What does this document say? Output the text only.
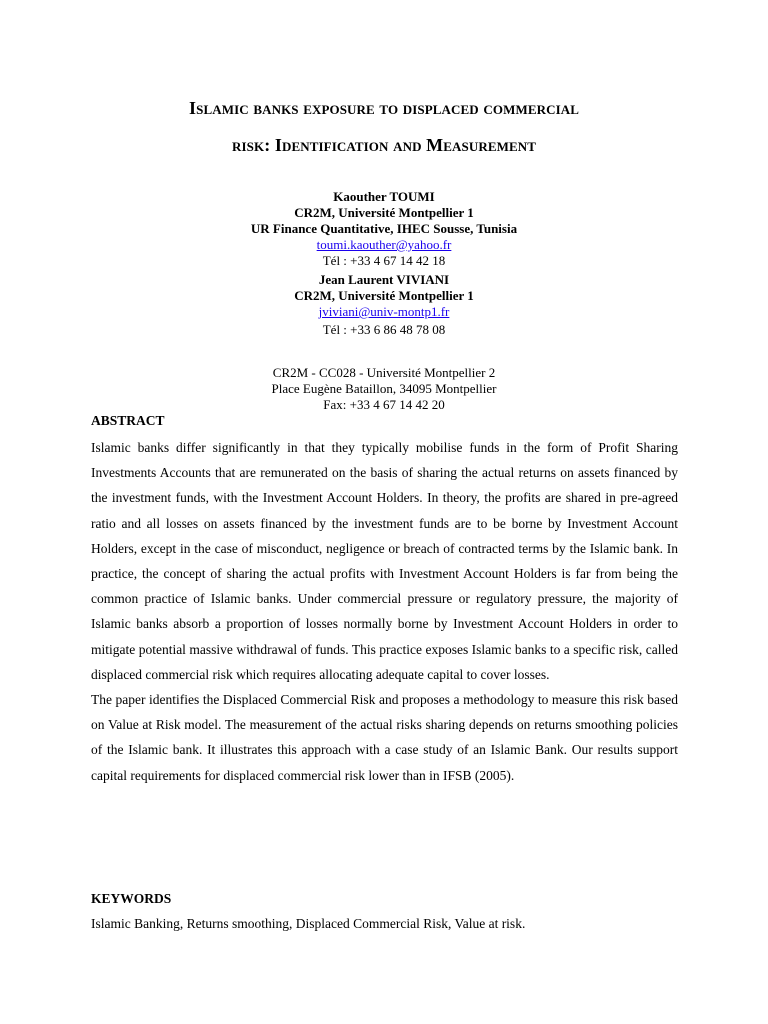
Islamic banks exposure to displaced commercial
risk: Identification and Measurement
Kaouther TOUMI
CR2M, Université Montpellier 1
UR Finance Quantitative, IHEC Sousse, Tunisia
toumi.kaouther@yahoo.fr
Tél : +33 4 67 14 42 18
Jean Laurent VIVIANI
CR2M, Université Montpellier 1
jviviani@univ-montp1.fr
Tél : +33 6 86 48 78 08
CR2M - CC028 - Université Montpellier 2
Place Eugène Bataillon, 34095 Montpellier
Fax: +33 4 67 14 42 20
ABSTRACT

Islamic banks differ significantly in that they typically mobilise funds in the form of Profit Sharing Investments Accounts that are remunerated on the basis of sharing the actual returns on assets financed by the investment funds, with the Investment Account Holders. In theory, the profits are shared in pre-agreed ratio and all losses on assets financed by the investment funds are to be borne by Investment Account Holders, except in the case of misconduct, negligence or breach of contracted terms by the Islamic bank. In practice, the concept of sharing the actual profits with Investment Account Holders is far from being the common practice of Islamic banks. Under commercial pressure or regulatory pressure, the majority of Islamic banks absorb a proportion of losses normally borne by Investment Account Holders in order to mitigate potential massive withdrawal of funds. This practice exposes Islamic banks to a specific risk, called displaced commercial risk which requires allocating adequate capital to cover losses.

The paper identifies the Displaced Commercial Risk and proposes a methodology to measure this risk based on Value at Risk model. The measurement of the actual risks sharing depends on returns smoothing policies of the Islamic bank. It illustrates this approach with a case study of an Islamic Bank. Our results support capital requirements for displaced commercial risk lower than in IFSB (2005).

KEYWORDS

Islamic Banking, Returns smoothing, Displaced Commercial Risk, Value at risk.
